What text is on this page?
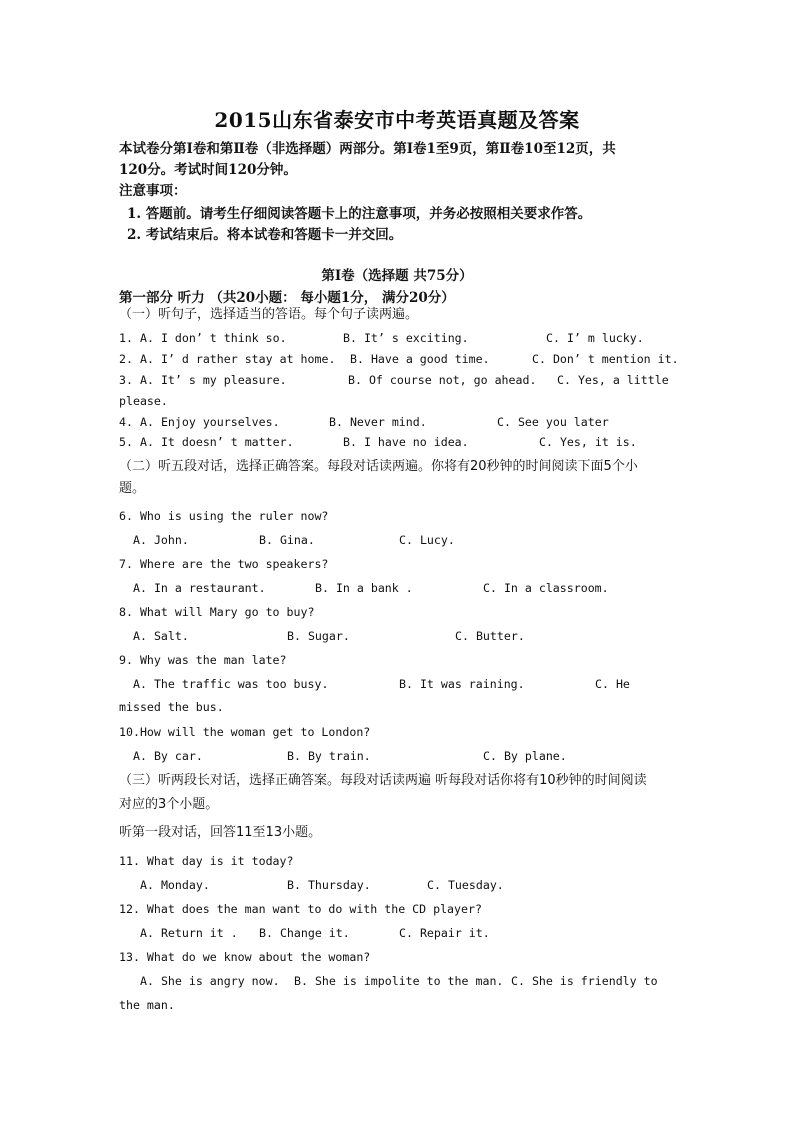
2015山东省泰安市中考英语真题及答案
本试卷分第Ⅰ卷和第Ⅱ卷（非选择题）两部分。第Ⅰ卷1至9页，第Ⅱ卷10至12页，共
120分。考试时间120分钟。
注意事项：
1. 答题前。请考生仔细阅读答题卡上的注意事项，并务必按照相关要求作答。
2. 考试结束后。将本试卷和答题卡一并交回。
第Ⅰ卷（选择题 共75分）
第一部分 听力 （共20小题： 每小题1分， 满分20分）
（一）听句子，选择适当的答语。每个句子读两遍。
1. A. I don’ t think so.	B. It’ s exciting.	C. I’ m lucky.
2. A. I’ d rather stay at home. B. Have a good time.	C. Don’ t mention it.
3. A. It’ s my pleasure.	B. Of course not, go ahead. C. Yes, a little
please.
4. A. Enjoy yourselves.	B. Never mind.	C. See you later
5. A. It doesn’ t matter.	B. I have no idea.	C. Yes, it is.
（二）听五段对话，选择正确答案。每段对话读两遍。你将有20秒钟的时间阅读下面5个小
题。
6. Who is using the ruler now?
A. John.	B. Gina.	C. Lucy.
7. Where are the two speakers?
A. In a restaurant.	B. In a bank .	C. In a classroom.
8. What will Mary go to buy?
A. Salt.	B. Sugar.	C. Butter.
9. Why was the man late?
A. The traffic was too busy.	B. It was raining.	C. He
missed the bus.
10.How will the woman get to London?
A. By car.	B. By train.	C. By plane.
（三）听两段长对话，选择正确答案。每段对话读两遍 听每段对话你将有10秒钟的时间阅读
对应的3个小题。
听第一段对话，回答11至13小题。
11. What day is it today?
A. Monday.	B. Thursday.	C. Tuesday.
12. What does the man want to do with the CD player?
A. Return it . B. Change it.	C. Repair it.
13. What do we know about the woman?
A. She is angry now. B. She is impolite to the man. C. She is friendly to
the man.
